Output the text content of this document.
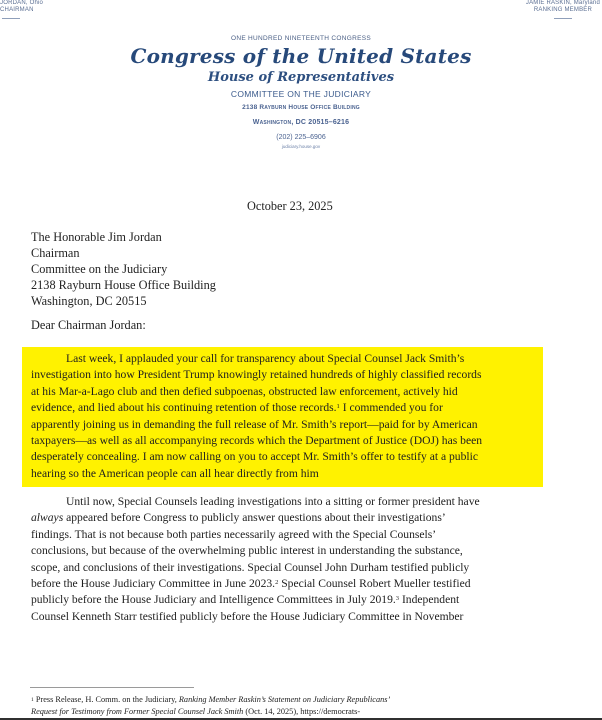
JORDAN, Ohio
CHAIRMAN
JAMIE RASKIN, Maryland
RANKING MEMBER
ONE HUNDRED NINETEENTH CONGRESS
Congress of the United States
House of Representatives
COMMITTEE ON THE JUDICIARY
2138 Rayburn House Office Building
Washington, DC 20515–6216
(202) 225–6906
judiciary.house.gov
October 23, 2025
The Honorable Jim Jordan
Chairman
Committee on the Judiciary
2138 Rayburn House Office Building
Washington, DC 20515
Dear Chairman Jordan:
Last week, I applauded your call for transparency about Special Counsel Jack Smith’s
investigation into how President Trump knowingly retained hundreds of highly classified records
at his Mar-a-Lago club and then defied subpoenas, obstructed law enforcement, actively hid
evidence, and lied about his continuing retention of those records.$^1$ I commended you for
apparently joining us in demanding the full release of Mr. Smith’s report—paid for by American
taxpayers—as well as all accompanying records which the Department of Justice (DOJ) has been
desperately concealing. I am now calling on you to accept Mr. Smith’s offer to testify at a public
hearing so the American people can all hear directly from him
Until now, Special Counsels leading investigations into a sitting or former president have
always appeared before Congress to publicly answer questions about their investigations’
findings. That is not because both parties necessarily agreed with the Special Counsels’
conclusions, but because of the overwhelming public interest in understanding the substance,
scope, and conclusions of their investigations. Special Counsel John Durham testified publicly
before the House Judiciary Committee in June 2023.$^2$ Special Counsel Robert Mueller testified
publicly before the House Judiciary and Intelligence Committees in July 2019.$^3$ Independent
Counsel Kenneth Starr testified publicly before the House Judiciary Committee in November
$^1$ Press Release, H. Comm. on the Judiciary, Ranking Member Raskin’s Statement on Judiciary Republicans’
Request for Testimony from Former Special Counsel Jack Smith (Oct. 14, 2025), https://democrats-
